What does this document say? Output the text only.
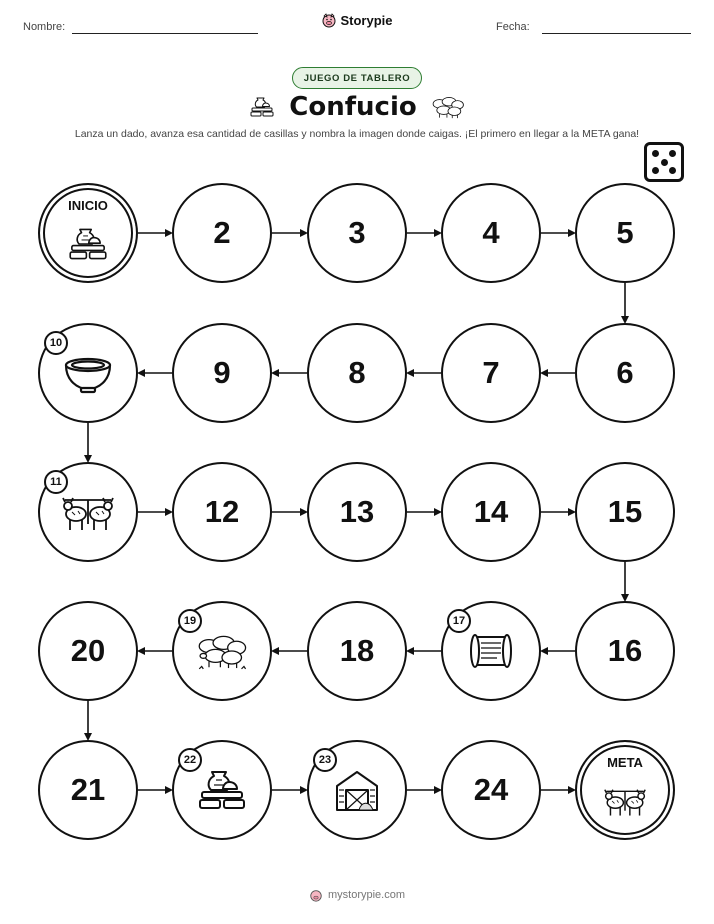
Nombre:	Storypie	Fecha:
JUEGO DE TABLERO
Confucio
Lanza un dado, avanza esa cantidad de casillas y nombra la imagen donde caigas. ¡El primero en llegar a la META gana!
INICIO
2	3	4	5
6
7
8
9
10
11
12	13	14	15
16
17
18
19
20
21
22	23
24
META
mystorypie.com
